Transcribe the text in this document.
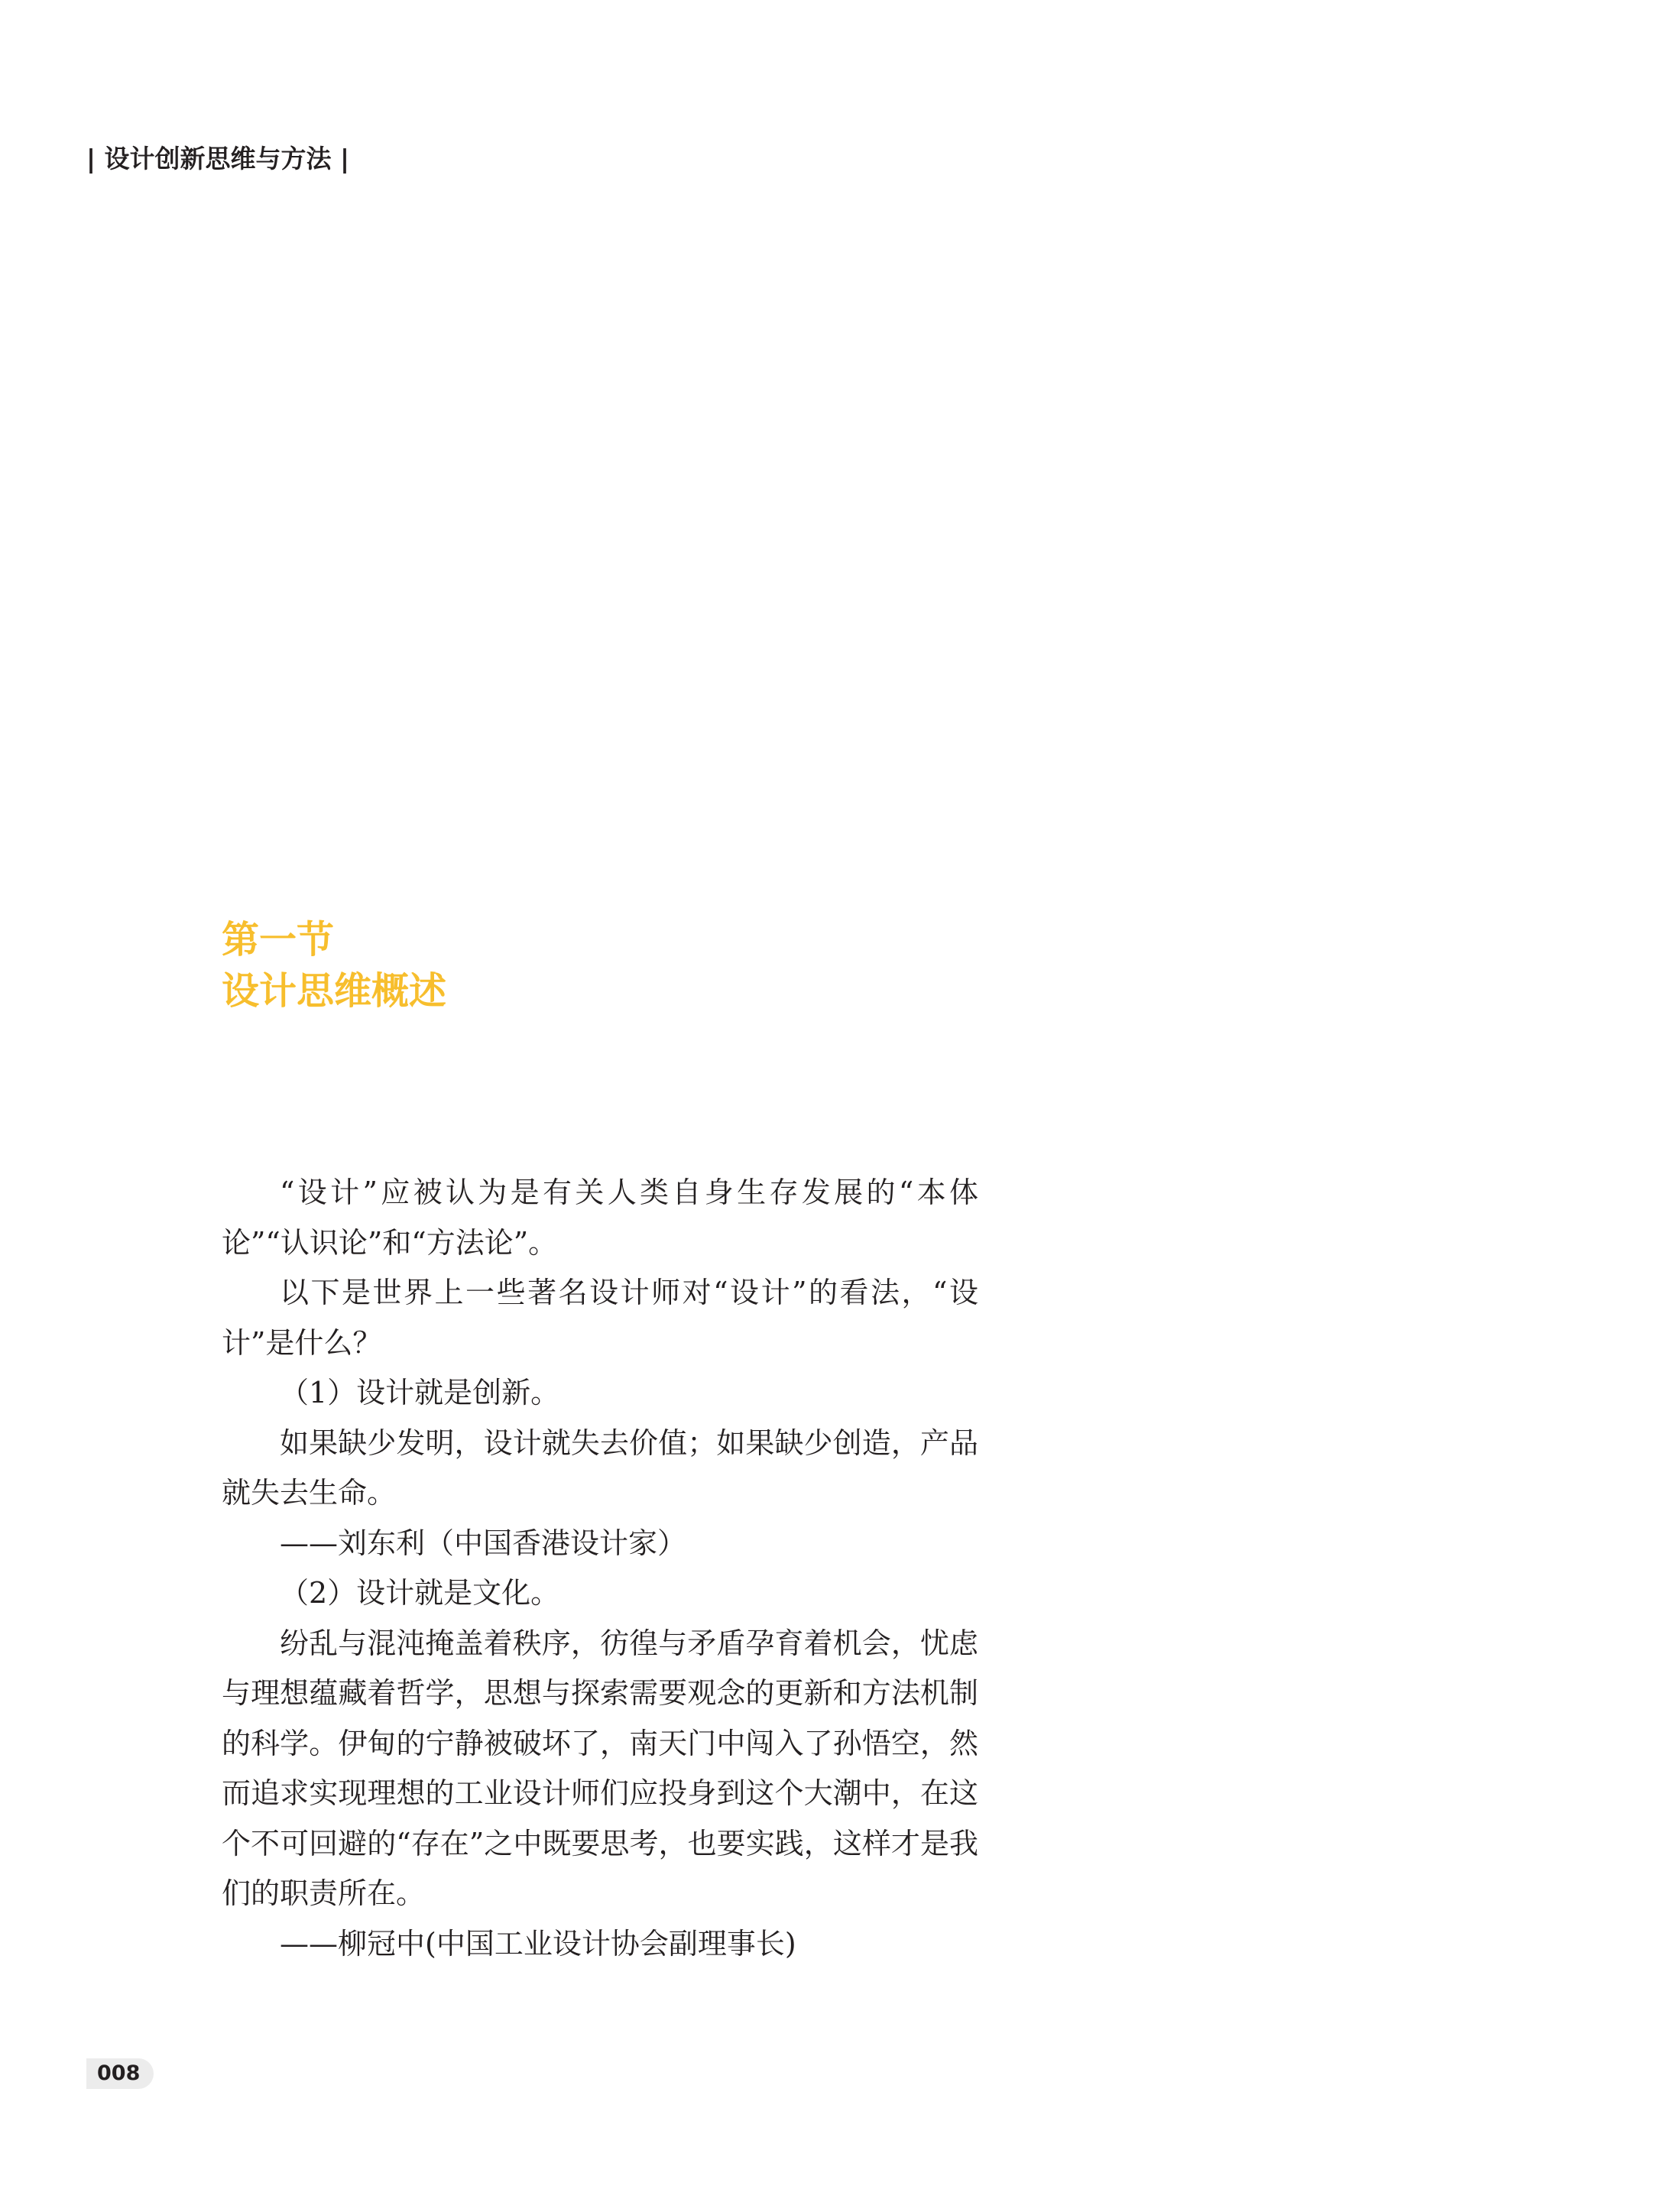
| 设计创新思维与方法 |
第一节
设计思维概述

“设计”应被认为是有关人类自身生存发展的“本体论”“认识论”和“方法论”。

以下是世界上一些著名设计师对“设计”的看法，“设计”是什么？

（1）设计就是创新。

如果缺少发明，设计就失去价值；如果缺少创造，产品就失去生命。

——刘东利（中国香港设计家）

（2）设计就是文化。

纷乱与混沌掩盖着秩序，彷徨与矛盾孕育着机会，忧虑与理想蕴藏着哲学，思想与探索需要观念的更新和方法机制的科学。伊甸的宁静被破坏了，南天门中闯入了孙悟空，然而追求实现理想的工业设计师们应投身到这个大潮中，在这个不可回避的“存在”之中既要思考，也要实践，这样才是我们的职责所在。

——柳冠中(中国工业设计协会副理事长)

008
